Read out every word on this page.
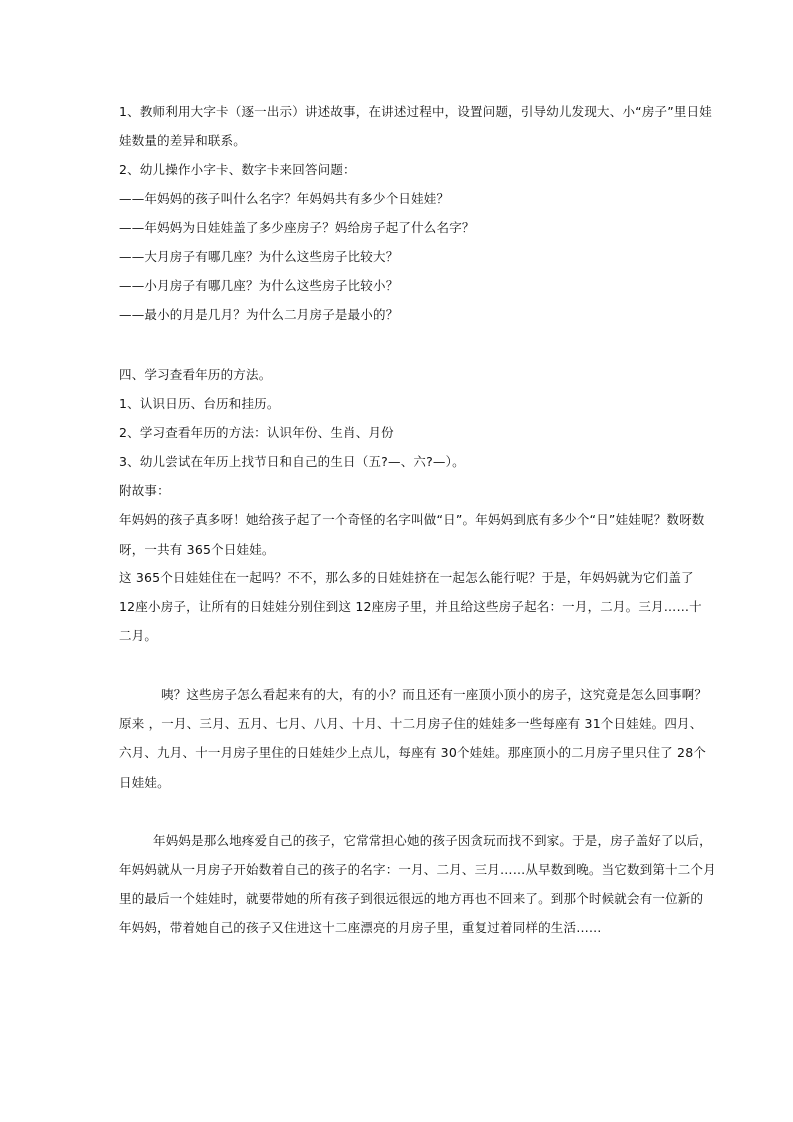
1、教师利用大字卡（逐一出示）讲述故事，在讲述过程中，设置问题，引导幼儿发现大、小“房子”里日娃
娃数量的差异和联系。
2、幼儿操作小字卡、数字卡来回答问题：
——年妈妈的孩子叫什么名字？年妈妈共有多少个日娃娃？
——年妈妈为日娃娃盖了多少座房子？妈给房子起了什么名字？
——大月房子有哪几座？为什么这些房子比较大？
——小月房子有哪几座？为什么这些房子比较小？
——最小的月是几月？为什么二月房子是最小的？
四、学习查看年历的方法。
1、认识日历、台历和挂历。
2、学习查看年历的方法：认识年份、生肖、月份
3、幼儿尝试在年历上找节日和自己的生日（五?—、六?—）。
附故事：
年妈妈的孩子真多呀！她给孩子起了一个奇怪的名字叫做“日”。年妈妈到底有多少个“日”娃娃呢？数呀数
呀，一共有 365个日娃娃。
这 365个日娃娃住在一起吗？不不，那么多的日娃娃挤在一起怎么能行呢？于是，年妈妈就为它们盖了
12座小房子，让所有的日娃娃分别住到这 12座房子里，并且给这些房子起名：一月，二月。三月……十
二月。
咦？这些房子怎么看起来有的大，有的小？而且还有一座顶小顶小的房子，这究竟是怎么回事啊？
原来 ，一月、三月、五月、七月、八月、十月、十二月房子住的娃娃多一些每座有 31个日娃娃。四月、
六月、九月、十一月房子里住的日娃娃少上点儿，每座有 30个娃娃。那座顶小的二月房子里只住了 28个
日娃娃。
年妈妈是那么地疼爱自己的孩子，它常常担心她的孩子因贪玩而找不到家。于是，房子盖好了以后，
年妈妈就从一月房子开始数着自己的孩子的名字：一月、二月、三月……从早数到晚。当它数到第十二个月
里的最后一个娃娃时，就要带她的所有孩子到很远很远的地方再也不回来了。到那个时候就会有一位新的
年妈妈，带着她自己的孩子又住进这十二座漂亮的月房子里，重复过着同样的生活……
